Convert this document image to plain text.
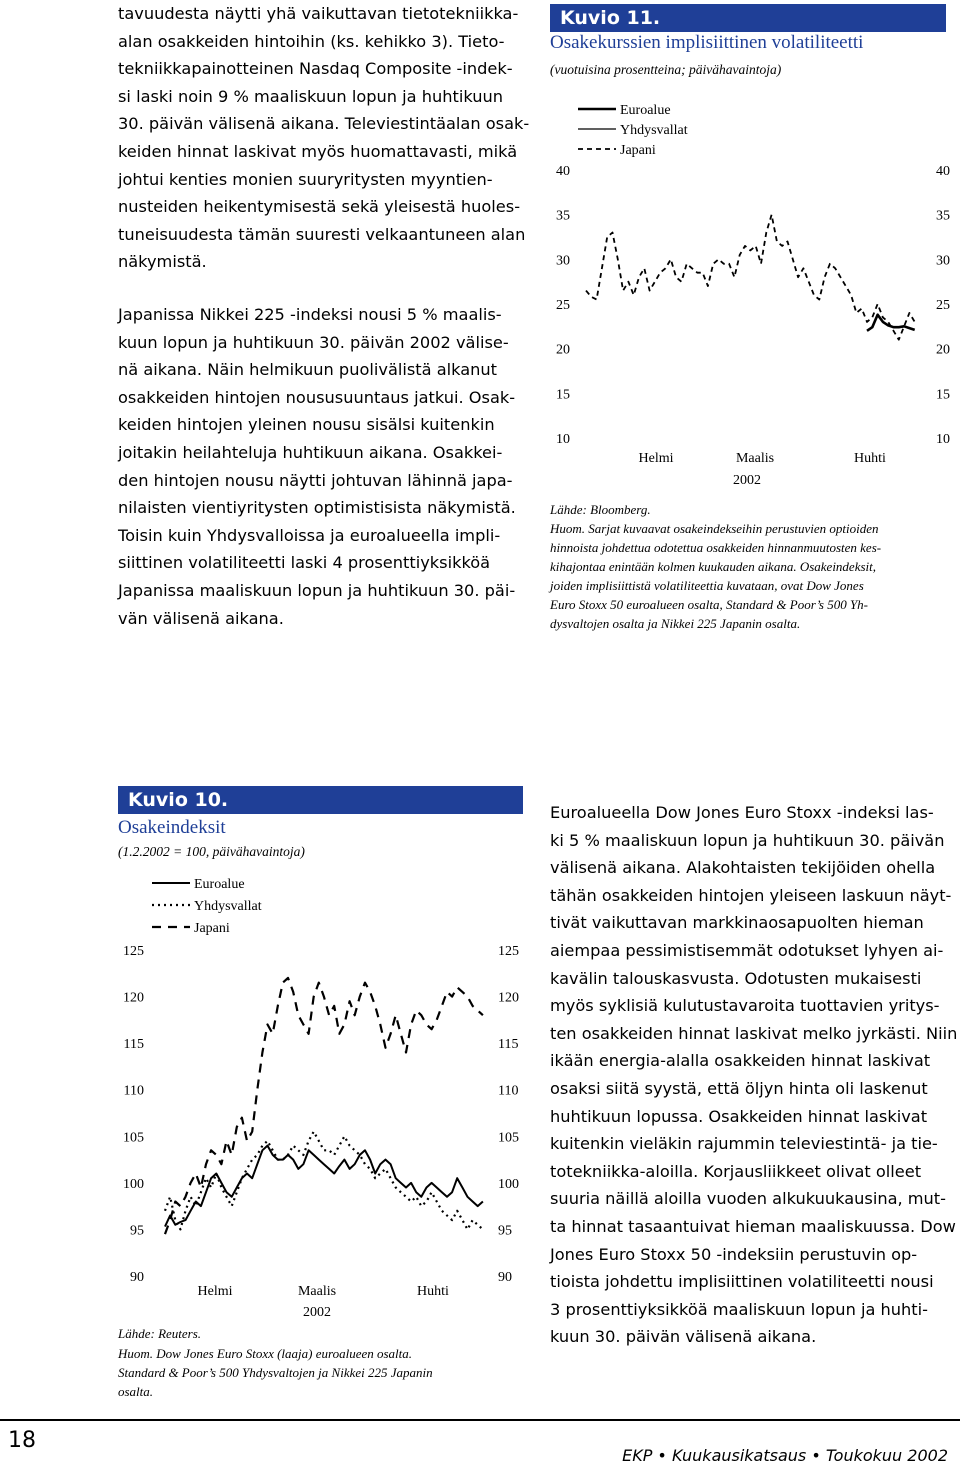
tavuudesta näytti yhä vaikuttavan tietotekniikka-
alan osakkeiden hintoihin (ks. kehikko 3). Tieto-
tekniikkapainotteinen Nasdaq Composite -indek-
si laski noin 9 % maaliskuun lopun ja huhtikuun
30. päivän välisenä aikana. Televiestintäalan osak-
keiden hinnat laskivat myös huomattavasti, mikä
johtui kenties monien suuryritysten myyntien-
nusteiden heikentymisestä sekä yleisestä huoles-
tuneisuudesta tämän suuresti velkaantuneen alan
näkymistä.
Japanissa Nikkei 225 -indeksi nousi 5 % maalis-
kuun lopun ja huhtikuun 30. päivän 2002 välise-
nä aikana. Näin helmikuun puolivälistä alkanut
osakkeiden hintojen noususuuntaus jatkui. Osak-
keiden hintojen yleinen nousu sisälsi kuitenkin
joitakin heilahteluja huhtikuun aikana. Osakkei-
den hintojen nousu näytti johtuvan lähinnä japa-
nilaisten vientiyritysten optimistisista näkymistä.
Toisin kuin Yhdysvalloissa ja euroalueella impli-
siittinen volatiliteetti laski 4 prosenttiyksikköä
Japanissa maaliskuun lopun ja huhtikuun 30. päi-
vän välisenä aikana.
Kuvio 11.
Osakekurssien implisiittinen volatiliteetti
(vuotuisina prosentteina; päivähavaintoja)
10	10
15	15
20	20
25	25
30	30
35	35
40	40
Helmi	Maalis	Huhti
2002
Euroalue
Yhdysvallat
Japani
Lähde: Bloomberg.
Huom. Sarjat kuvaavat osakeindekseihin perustuvien optioiden
hinnoista johdettua odotettua osakkeiden hinnanmuutosten kes-
kihajontaa enintään kolmen kuukauden aikana. Osakeindeksit,
joiden implisiittistä volatiliteettia kuvataan, ovat Dow Jones
Euro Stoxx 50 euroalueen osalta, Standard & Poor’s 500 Yh-
dysvaltojen osalta ja Nikkei 225 Japanin osalta.
Kuvio 10.
Osakeindeksit
(1.2.2002 = 100, päivähavaintoja)
90	90
95	95
100	100
105	105
110	110
115	115
120	120
125	125
Helmi	Maalis	Huhti
2002
Euroalue
Yhdysvallat
Japani
Lähde: Reuters.
Huom. Dow Jones Euro Stoxx (laaja) euroalueen osalta.
Standard & Poor’s 500 Yhdysvaltojen ja Nikkei 225 Japanin
osalta.
Euroalueella Dow Jones Euro Stoxx -indeksi las-
ki 5 % maaliskuun lopun ja huhtikuun 30. päivän
välisenä aikana. Alakohtaisten tekijöiden ohella
tähän osakkeiden hintojen yleiseen laskuun näyt-
tivät vaikuttavan markkinaosapuolten hieman
aiempaa pessimistisemmät odotukset lyhyen ai-
kavälin talouskasvusta. Odotusten mukaisesti
myös syklisiä kulutustavaroita tuottavien yritys-
ten osakkeiden hinnat laskivat melko jyrkästi. Niin
ikään energia-alalla osakkeiden hinnat laskivat
osaksi siitä syystä, että öljyn hinta oli laskenut
huhtikuun lopussa. Osakkeiden hinnat laskivat
kuitenkin vieläkin rajummin televiestintä- ja tie-
totekniikka-aloilla. Korjausliikkeet olivat olleet
suuria näillä aloilla vuoden alkukuukausina, mut-
ta hinnat tasaantuivat hieman maaliskuussa. Dow
Jones Euro Stoxx 50 -indeksiin perustuvin op-
tioista johdettu implisiittinen volatiliteetti nousi
3 prosenttiyksikköä maaliskuun lopun ja huhti-
kuun 30. päivän välisenä aikana.
18
EKP • Kuukausikatsaus • Toukokuu 2002
